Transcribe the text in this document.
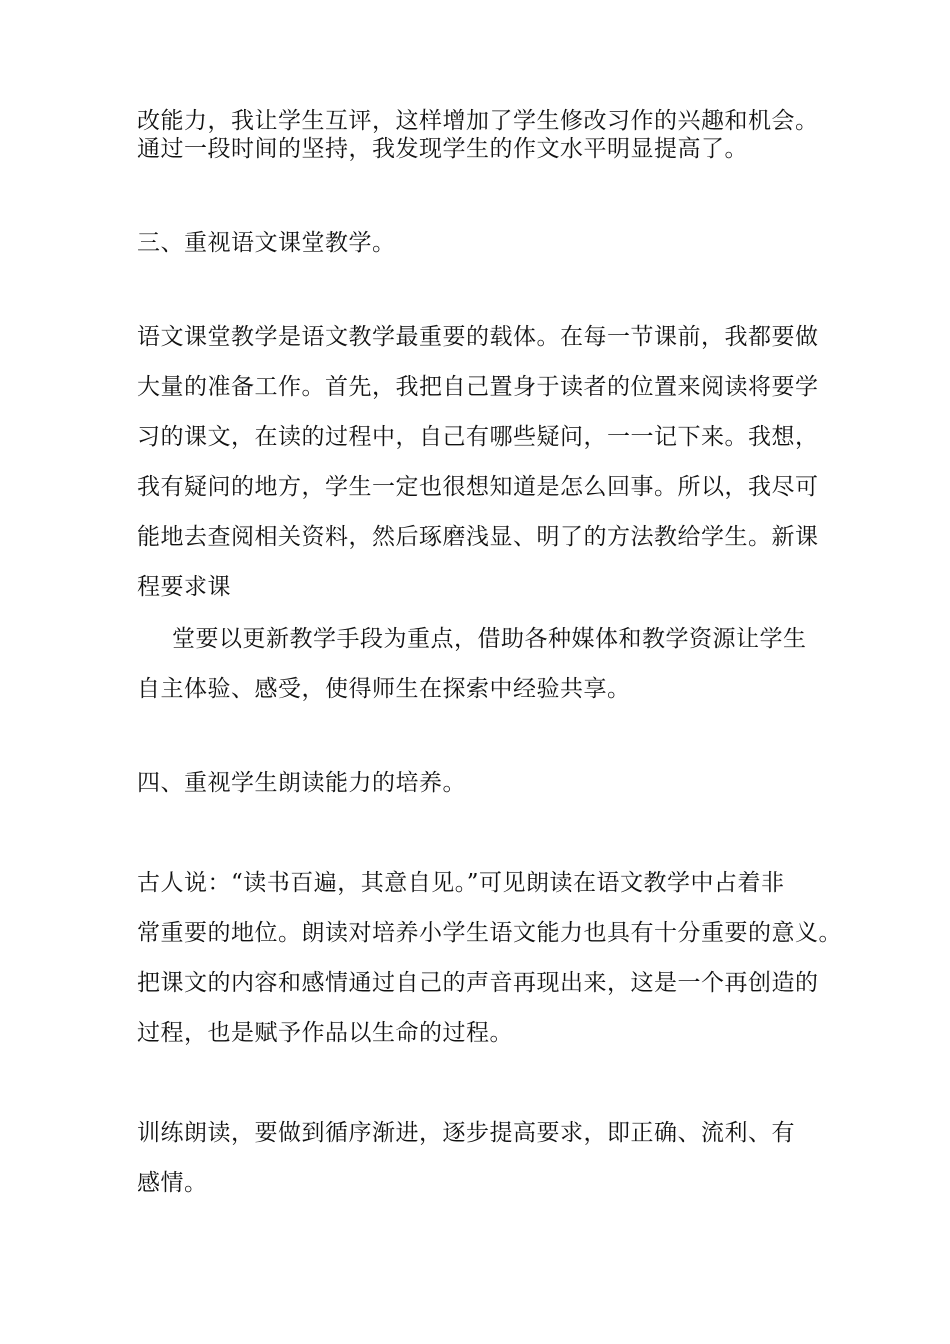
改能力，我让学生互评，这样增加了学生修改习作的兴趣和机会。
通过一段时间的坚持，我发现学生的作文水平明显提高了。
三、重视语文课堂教学。
语文课堂教学是语文教学最重要的载体。在每一节课前，我都要做
大量的准备工作。首先，我把自己置身于读者的位置来阅读将要学
习的课文，在读的过程中，自己有哪些疑问，一一记下来。我想，
我有疑问的地方，学生一定也很想知道是怎么回事。所以，我尽可
能地去查阅相关资料，然后琢磨浅显、明了的方法教给学生。新课
程要求课
堂要以更新教学手段为重点，借助各种媒体和教学资源让学生
自主体验、感受，使得师生在探索中经验共享。
四、重视学生朗读能力的培养。
古人说：“读书百遍，其意自见。”可见朗读在语文教学中占着非
常重要的地位。朗读对培养小学生语文能力也具有十分重要的意义。
把课文的内容和感情通过自己的声音再现出来，这是一个再创造的
过程，也是赋予作品以生命的过程。
训练朗读，要做到循序渐进，逐步提高要求，即正确、流利、有
感情。
